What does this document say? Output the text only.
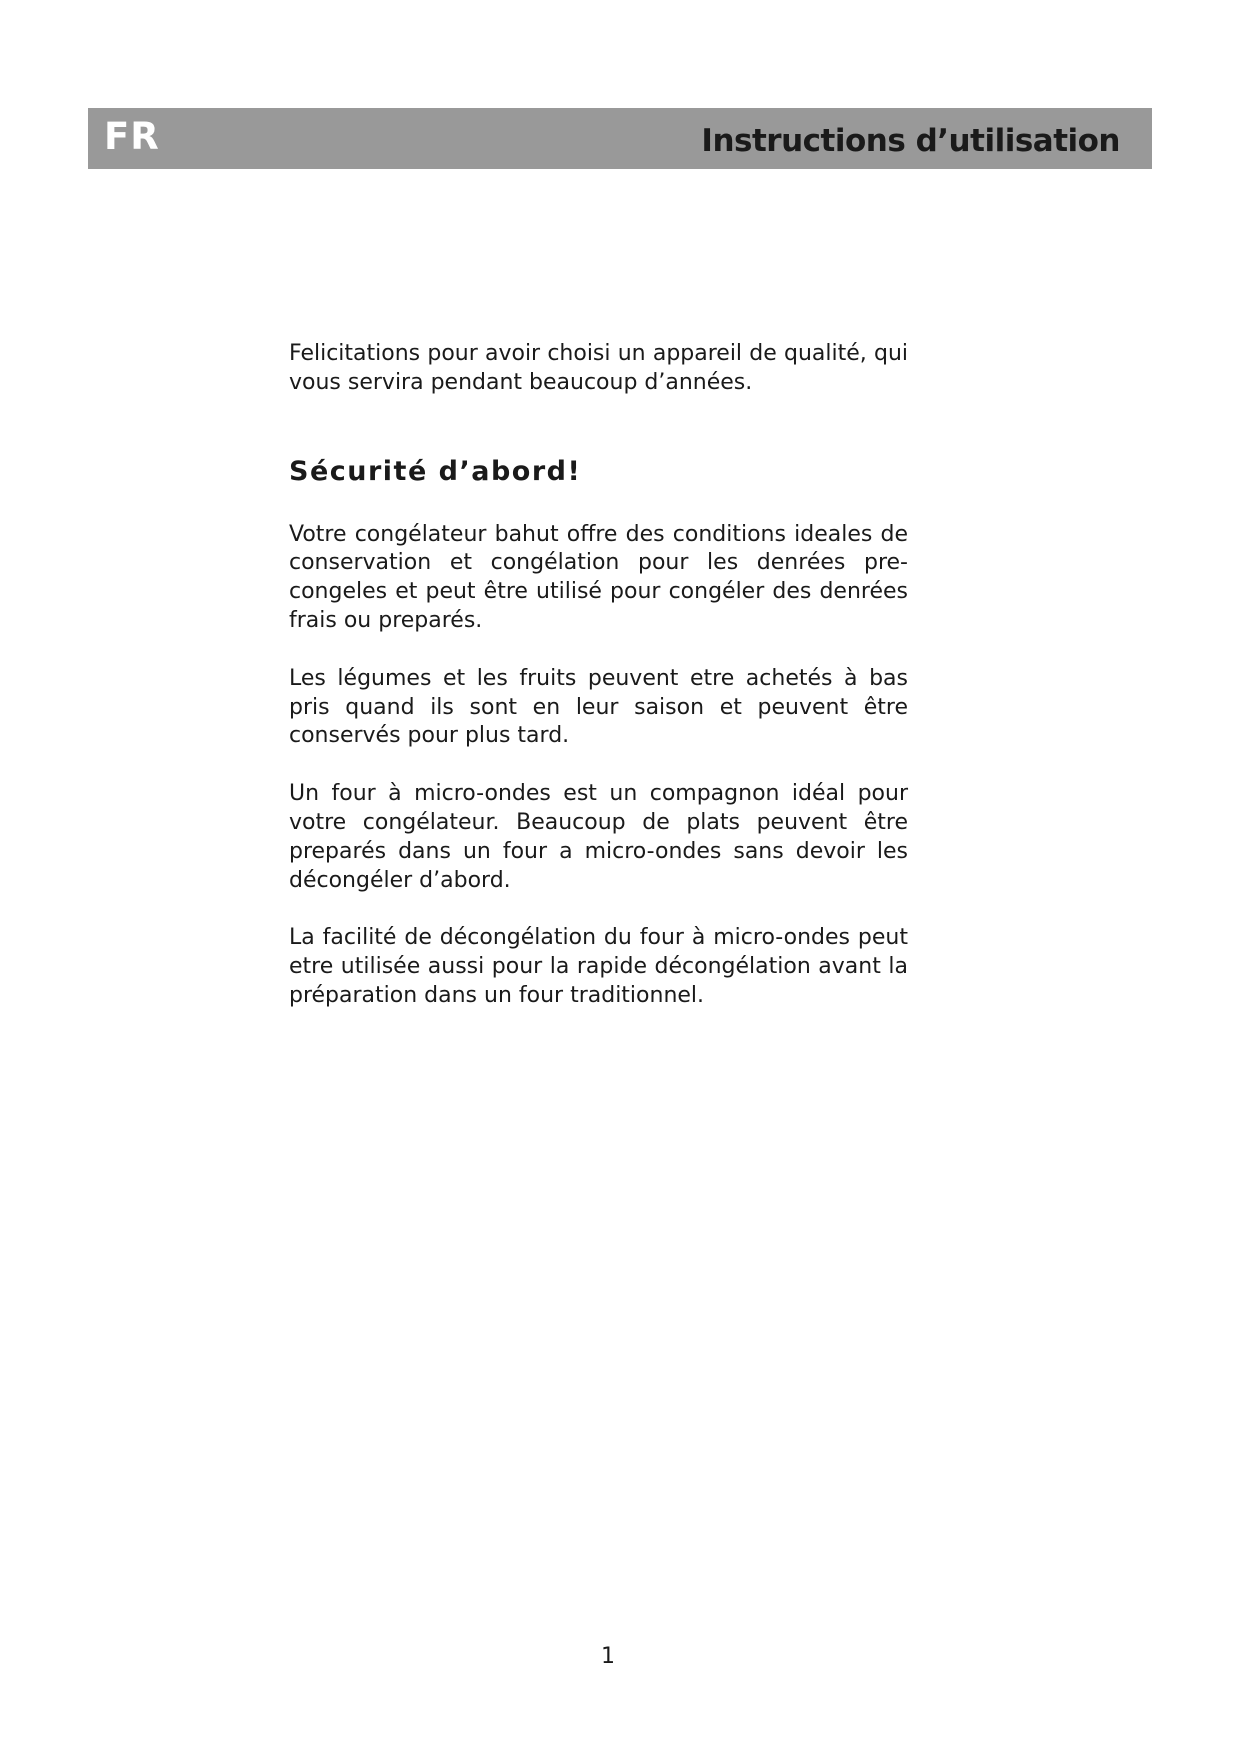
FR	Instructions d’utilisation

Felicitations pour avoir choisi un appareil de qualité, qui vous servira pendant beaucoup d’années.

Sécurité d’abord!

Votre congélateur bahut offre des conditions ideales de conservation et congélation pour les denrées pre-congeles et peut être utilisé pour congéler des denrées frais ou preparés.

Les légumes et les fruits peuvent etre achetés à bas pris quand ils sont en leur saison et peuvent être conservés pour plus tard.

Un four à micro-ondes est un compagnon idéal pour votre congélateur. Beaucoup de plats peuvent être preparés dans un four a micro-ondes sans devoir les décongéler d’abord.

La facilité de décongélation du four à micro-ondes peut etre utilisée aussi pour la rapide décongélation avant la préparation dans un four traditionnel.

1
